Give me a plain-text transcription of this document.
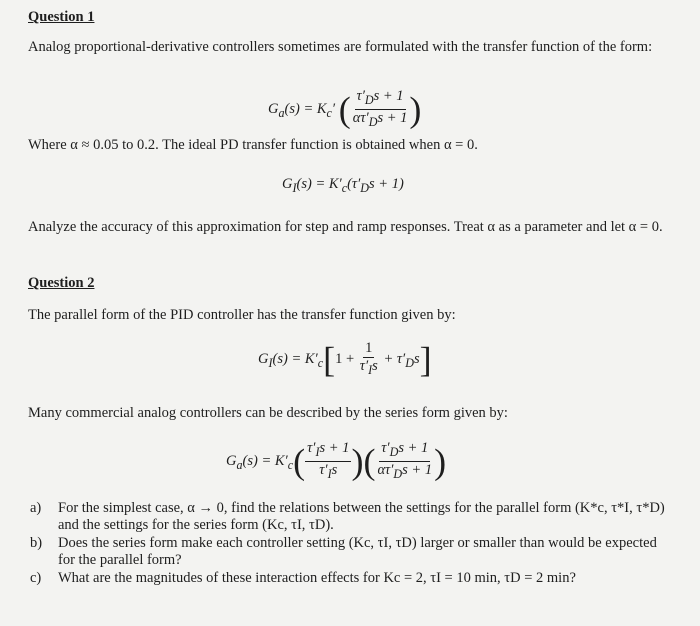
Question 1
Analog proportional-derivative controllers sometimes are formulated with the transfer function of the form:
$G_a(s) = K_c'$ ( $\frac{\tau'_Ds + 1}{\alpha\tau'_Ds + 1}$ )
Where α ≈ 0.05 to 0.2. The ideal PD transfer function is obtained when α = 0.
$G_I(s) = K'_c(\tau'_Ds + 1)$
Analyze the accuracy of this approximation for step and ramp responses. Treat α as a parameter and let α = 0.
Question 2
The parallel form of the PID controller has the transfer function given by:
$G_I(s) = K'_c[1 + \frac{1}{\tau'_Is} + \tau'_Ds]$
Many commercial analog controllers can be described by the series form given by:
$G_a(s) = K'_c( \frac{\tau'_Is + 1}{\tau'_Is}$ )( $\frac{\tau'_Ds + 1}{\alpha\tau'_Ds + 1}$ )
a)	For the simplest case, α → 0, find the relations between the settings for the parallel form (K*c, τ*I, τ*D) and the settings for the series form (Kc, τI, τD).
b)	Does the series form make each controller setting (Kc, τI, τD) larger or smaller than would be expected for the parallel form?
c)	What are the magnitudes of these interaction effects for Kc = 2, τI = 10 min, τD = 2 min?
